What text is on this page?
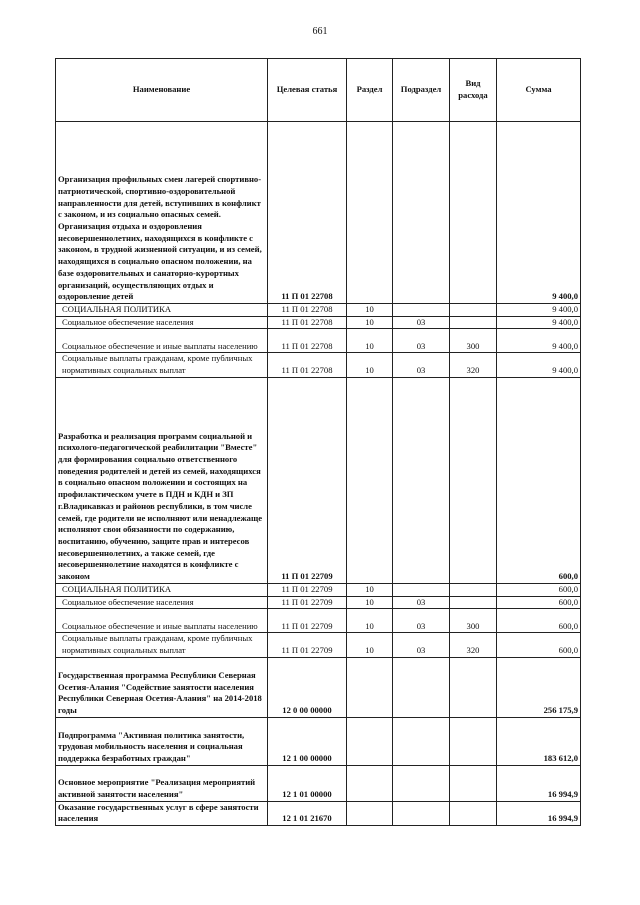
661
Наименование	Целевая статья	Раздел	Подраздел	Вид расхода	Сумма
Организация профильных смен лагерей спортивно-патриотической, спортивно-оздоровительной направленности для детей, вступивших в конфликт с законом, и из социально опасных семей. Организация отдыха и оздоровления несовершеннолетних, находящихся в конфликте с законом, в трудной жизненной ситуации, и из семей, находящихся в социально опасном положении, на базе оздоровительных и санаторно-курортных организаций, осуществляющих отдых и оздоровление детей	11 П 01 22708				9 400,0
СОЦИАЛЬНАЯ ПОЛИТИКА	11 П 01 22708	10			9 400,0
Социальное обеспечение населения	11 П 01 22708	10	03		9 400,0
Социальное обеспечение и иные выплаты населению	11 П 01 22708	10	03	300	9 400,0
Социальные выплаты гражданам, кроме публичных нормативных социальных выплат	11 П 01 22708	10	03	320	9 400,0
Разработка и реализация программ социальной и психолого-педагогической реабилитации "Вместе" для формирования социально ответственного поведения родителей и детей из семей, находящихся в социально опасном положении и состоящих на профилактическом учете в ПДН и КДН и ЗП г.Владикавказ и районов республики, в том числе семей, где родители не исполняют или ненадлежаще исполняют свои обязанности по содержанию, воспитанию, обучению, защите прав и интересов несовершеннолетних, а также семей, где несовершеннолетние находятся в конфликте с законом	11 П 01 22709				600,0
СОЦИАЛЬНАЯ ПОЛИТИКА	11 П 01 22709	10			600,0
Социальное обеспечение населения	11 П 01 22709	10	03		600,0
Социальное обеспечение и иные выплаты населению	11 П 01 22709	10	03	300	600,0
Социальные выплаты гражданам, кроме публичных нормативных социальных выплат	11 П 01 22709	10	03	320	600,0
Государственная программа Республики Северная Осетия-Алания "Содействие занятости населения Республики Северная Осетия-Алания" на 2014-2018 годы	12 0 00 00000				256 175,9
Подпрограмма "Активная политика занятости, трудовая мобильность населения и социальная поддержка безработных граждан"	12 1 00 00000				183 612,0
Основное мероприятие "Реализация мероприятий активной занятости населения"	12 1 01 00000				16 994,9
Оказание государственных услуг в сфере занятости населения	12 1 01 21670				16 994,9
